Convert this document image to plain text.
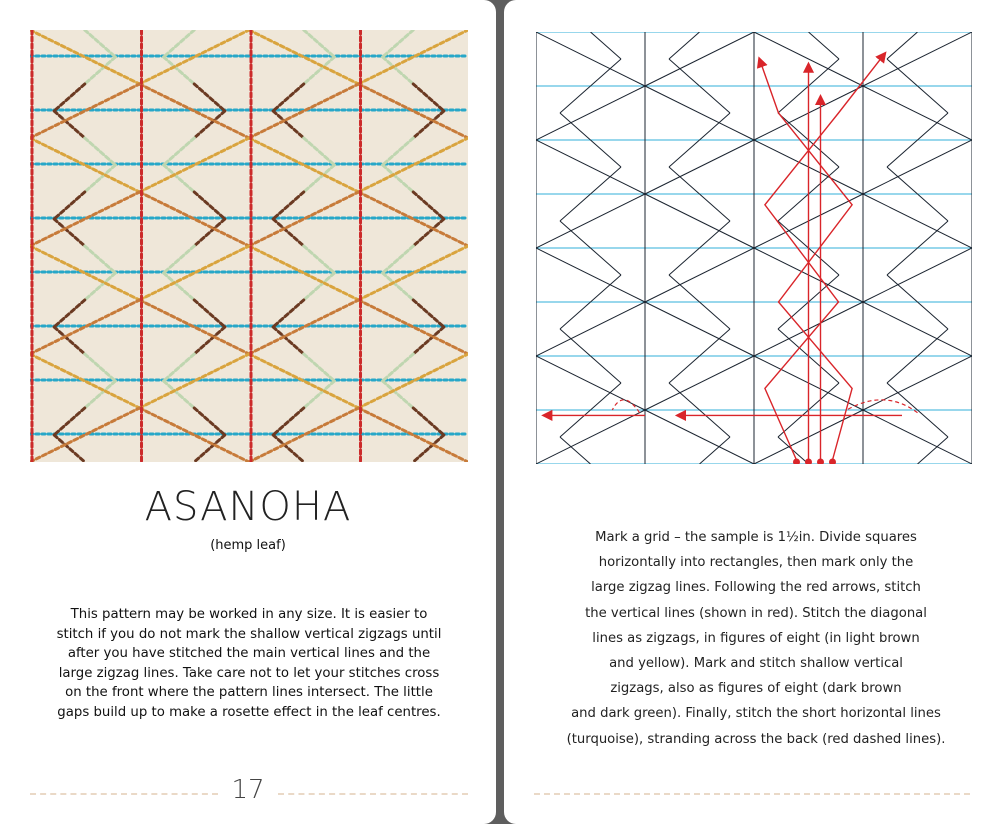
ASANOHA
(hemp leaf)
This pattern may be worked in any size. It is easier to
stitch if you do not mark the shallow vertical zigzags until
after you have stitched the main vertical lines and the
large zigzag lines. Take care not to let your stitches cross
on the front where the pattern lines intersect. The little
gaps build up to make a rosette effect in the leaf centres.
17
Mark a grid – the sample is 1½in. Divide squares
horizontally into rectangles, then mark only the
large zigzag lines. Following the red arrows, stitch
the vertical lines (shown in red). Stitch the diagonal
lines as zigzags, in figures of eight (in light brown
and yellow). Mark and stitch shallow vertical
zigzags, also as figures of eight (dark brown
and dark green). Finally, stitch the short horizontal lines
(turquoise), stranding across the back (red dashed lines).
